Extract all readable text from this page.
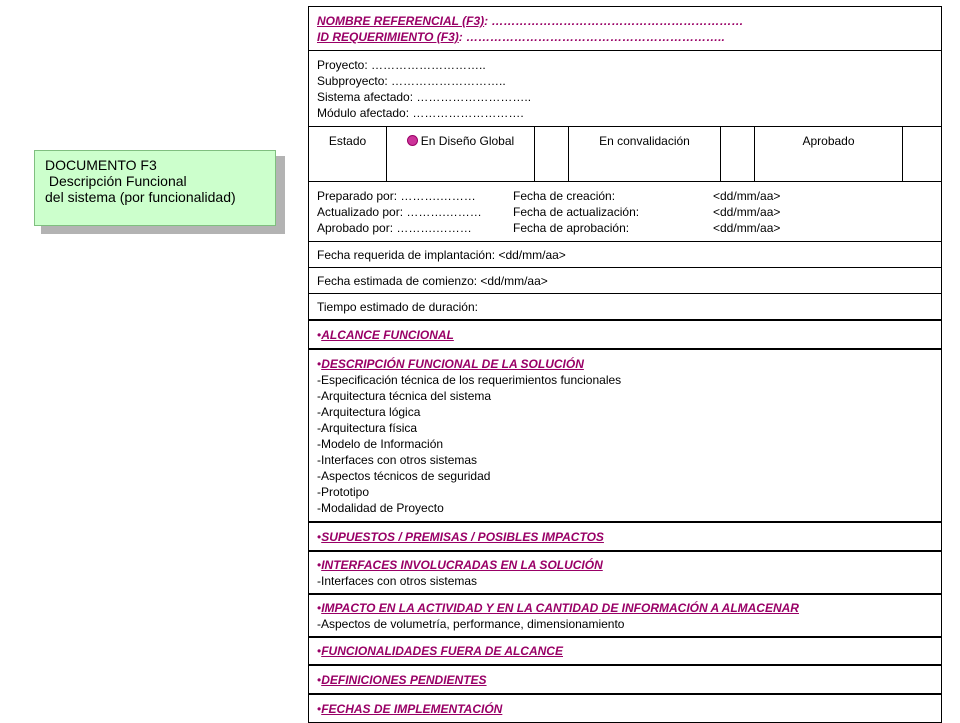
DOCUMENTO F3
Descripción Funcional
del sistema (por funcionalidad)
NOMBRE REFERENCIAL (F3): ………………………………………………………
ID REQUERIMIENTO (F3): ………………………………………………………..
Proyecto: ………………………..
Subproyecto: ………………………..
Sistema afectado: ………………………..
Módulo afectado: ……………………….
Estado	En Diseño Global	En convalidación	Aprobado
Preparado por: ……….………	Fecha de creación:	<dd/mm/aa>
Actualizado por: ……….………	Fecha de actualización:	<dd/mm/aa>
Aprobado por: ……….………	Fecha de aprobación:	<dd/mm/aa>
Fecha requerida de implantación: <dd/mm/aa>
Fecha estimada de comienzo: <dd/mm/aa>
Tiempo estimado de duración:
•ALCANCE FUNCIONAL
•DESCRIPCIÓN FUNCIONAL DE LA SOLUCIÓN
-Especificación técnica de los requerimientos funcionales
-Arquitectura técnica del sistema
-Arquitectura lógica
-Arquitectura física
-Modelo de Información
-Interfaces con otros sistemas
-Aspectos técnicos de seguridad
-Prototipo
-Modalidad de Proyecto
•SUPUESTOS / PREMISAS / POSIBLES IMPACTOS
•INTERFACES INVOLUCRADAS EN LA SOLUCIÓN
-Interfaces con otros sistemas
•IMPACTO EN LA ACTIVIDAD Y EN LA CANTIDAD DE INFORMACIÓN A ALMACENAR
-Aspectos de volumetría, performance, dimensionamiento
•FUNCIONALIDADES FUERA DE ALCANCE
•DEFINICIONES PENDIENTES
•FECHAS DE IMPLEMENTACIÓN
